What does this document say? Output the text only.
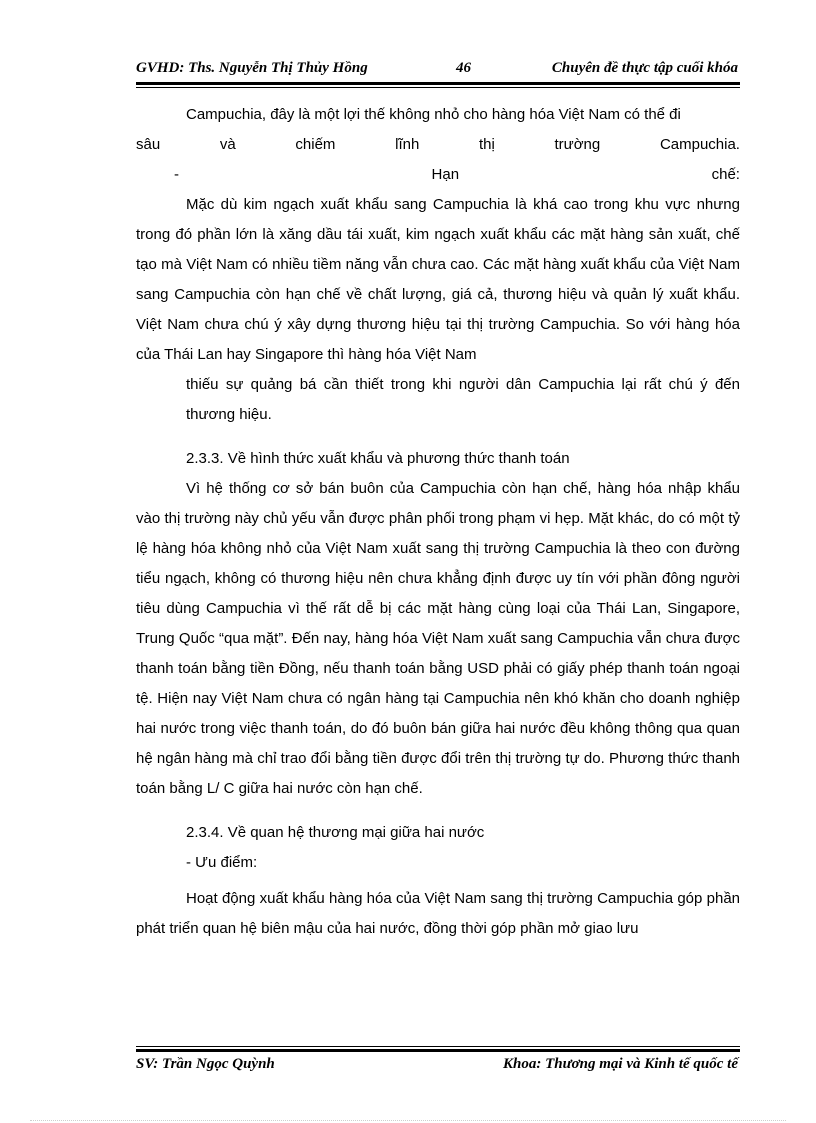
GVHD: Ths. Nguyễn Thị Thủy Hồng	46	Chuyên đề thực tập cuối khóa

Campuchia, đây là một lợi thế không nhỏ cho hàng hóa Việt Nam có thể đi

sâu	và	chiếm	lĩnh	thị	trường	Campuchia.
-	Hạn	chế:

Mặc dù kim ngạch xuất khẩu sang Campuchia là khá cao trong khu vực nhưng trong đó phần lớn là xăng dầu tái xuất, kim ngạch xuất khẩu các mặt hàng sản xuất, chế tạo mà Việt Nam có nhiều tiềm năng vẫn chưa cao. Các mặt hàng xuất khẩu của Việt Nam sang Campuchia còn hạn chế về chất lượng, giá cả, thương hiệu và quản lý xuất khẩu. Việt Nam chưa chú ý xây dựng thương hiệu tại thị trường Campuchia. So với hàng hóa của Thái Lan hay Singapore thì hàng hóa Việt Nam

thiếu sự quảng bá cần thiết trong khi người dân Campuchia lại rất chú ý đến thương hiệu.

2.3.3. Về hình thức xuất khẩu và phương thức thanh toán

Vì hệ thống cơ sở bán buôn của Campuchia còn hạn chế, hàng hóa nhập khẩu vào thị trường này chủ yếu vẫn được phân phối trong phạm vi hẹp. Mặt khác, do có một tỷ lệ hàng hóa không nhỏ của Việt Nam xuất sang thị trường Campuchia là theo con đường tiểu ngạch, không có thương hiệu nên chưa khẳng định được uy tín với phần đông người tiêu dùng Campuchia vì thế rất dễ bị các mặt hàng cùng loại của Thái Lan, Singapore, Trung Quốc “qua mặt”. Đến nay, hàng hóa Việt Nam xuất sang Campuchia vẫn chưa được thanh toán bằng tiền Đồng, nếu thanh toán bằng USD phải có giấy phép thanh toán ngoại tệ. Hiện nay Việt Nam chưa có ngân hàng tại Campuchia nên khó khăn cho doanh nghiệp hai nước trong việc thanh toán, do đó buôn bán giữa hai nước đều không thông qua quan hệ ngân hàng mà chỉ trao đổi bằng tiền được đổi trên thị trường tự do. Phương thức thanh toán bằng L/ C giữa hai nước còn hạn chế.

2.3.4. Về quan hệ thương mại giữa hai nước

- Ưu điểm:

Hoạt động xuất khẩu hàng hóa của Việt Nam sang thị trường Campuchia góp phần phát triển quan hệ biên mậu của hai nước, đồng thời góp phần mở giao lưu

SV: Trần Ngọc Quỳnh	Khoa: Thương mại và Kinh tế quốc tế
